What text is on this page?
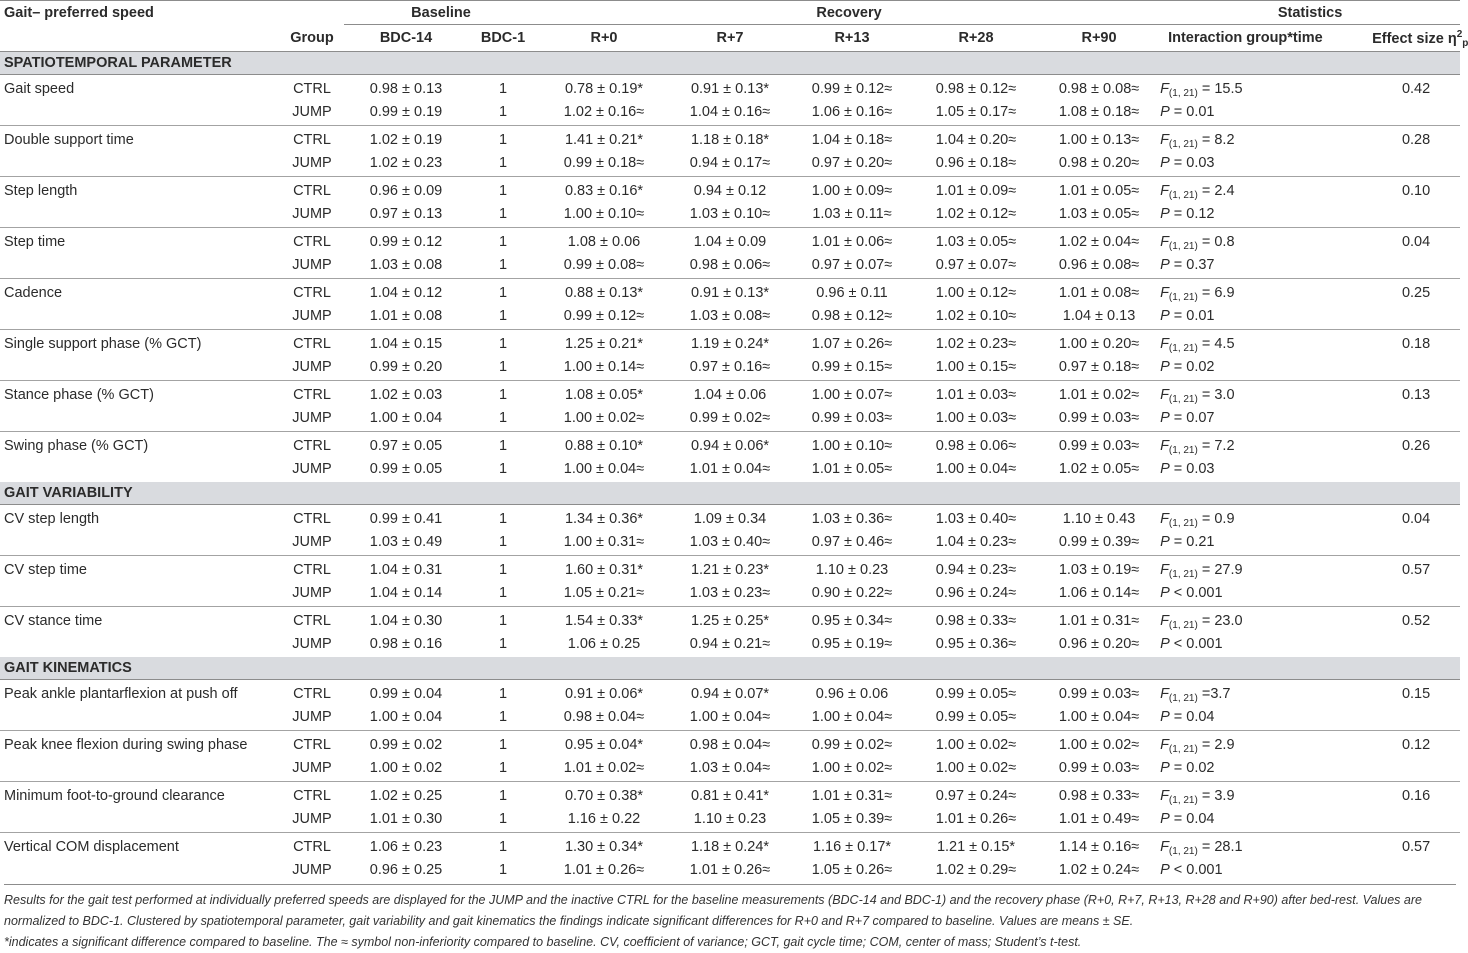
Gait– preferred speed		Baseline		Recovery					Statistics	
	Group	BDC-14	BDC-1	R+0	R+7	R+13	R+28	R+90	Interaction group*time	Effect size $\eta^2_p$
SPATIOTEMPORAL PARAMETER										
Gait speed	CTRL	0.98 ± 0.13	1	0.78 ± 0.19*	0.91 ± 0.13*	0.99 ± 0.12≈	0.98 ± 0.12≈	0.98 ± 0.08≈	$F_{(1, 21)} = 15.5$	0.42
	JUMP	0.99 ± 0.19	1	1.02 ± 0.16≈	1.04 ± 0.16≈	1.06 ± 0.16≈	1.05 ± 0.17≈	1.08 ± 0.18≈	P = 0.01	
Double support time	CTRL	1.02 ± 0.19	1	1.41 ± 0.21*	1.18 ± 0.18*	1.04 ± 0.18≈	1.04 ± 0.20≈	1.00 ± 0.13≈	$F_{(1, 21)} = 8.2$	0.28
	JUMP	1.02 ± 0.23	1	0.99 ± 0.18≈	0.94 ± 0.17≈	0.97 ± 0.20≈	0.96 ± 0.18≈	0.98 ± 0.20≈	P = 0.03	
Step length	CTRL	0.96 ± 0.09	1	0.83 ± 0.16*	0.94 ± 0.12	1.00 ± 0.09≈	1.01 ± 0.09≈	1.01 ± 0.05≈	$F_{(1, 21)} = 2.4$	0.10
	JUMP	0.97 ± 0.13	1	1.00 ± 0.10≈	1.03 ± 0.10≈	1.03 ± 0.11≈	1.02 ± 0.12≈	1.03 ± 0.05≈	P = 0.12	
Step time	CTRL	0.99 ± 0.12	1	1.08 ± 0.06	1.04 ± 0.09	1.01 ± 0.06≈	1.03 ± 0.05≈	1.02 ± 0.04≈	$F_{(1, 21)} = 0.8$	0.04
	JUMP	1.03 ± 0.08	1	0.99 ± 0.08≈	0.98 ± 0.06≈	0.97 ± 0.07≈	0.97 ± 0.07≈	0.96 ± 0.08≈	P = 0.37	
Cadence	CTRL	1.04 ± 0.12	1	0.88 ± 0.13*	0.91 ± 0.13*	0.96 ± 0.11	1.00 ± 0.12≈	1.01 ± 0.08≈	$F_{(1, 21)} = 6.9$	0.25
	JUMP	1.01 ± 0.08	1	0.99 ± 0.12≈	1.03 ± 0.08≈	0.98 ± 0.12≈	1.02 ± 0.10≈	1.04 ± 0.13	P = 0.01	
Single support phase (% GCT)	CTRL	1.04 ± 0.15	1	1.25 ± 0.21*	1.19 ± 0.24*	1.07 ± 0.26≈	1.02 ± 0.23≈	1.00 ± 0.20≈	$F_{(1, 21)} = 4.5$	0.18
	JUMP	0.99 ± 0.20	1	1.00 ± 0.14≈	0.97 ± 0.16≈	0.99 ± 0.15≈	1.00 ± 0.15≈	0.97 ± 0.18≈	P = 0.02	
Stance phase (% GCT)	CTRL	1.02 ± 0.03	1	1.08 ± 0.05*	1.04 ± 0.06	1.00 ± 0.07≈	1.01 ± 0.03≈	1.01 ± 0.02≈	$F_{(1, 21)} = 3.0$	0.13
	JUMP	1.00 ± 0.04	1	1.00 ± 0.02≈	0.99 ± 0.02≈	0.99 ± 0.03≈	1.00 ± 0.03≈	0.99 ± 0.03≈	P = 0.07	
Swing phase (% GCT)	CTRL	0.97 ± 0.05	1	0.88 ± 0.10*	0.94 ± 0.06*	1.00 ± 0.10≈	0.98 ± 0.06≈	0.99 ± 0.03≈	$F_{(1, 21)} = 7.2$	0.26
	JUMP	0.99 ± 0.05	1	1.00 ± 0.04≈	1.01 ± 0.04≈	1.01 ± 0.05≈	1.00 ± 0.04≈	1.02 ± 0.05≈	P = 0.03	
GAIT VARIABILITY										
CV step length	CTRL	0.99 ± 0.41	1	1.34 ± 0.36*	1.09 ± 0.34	1.03 ± 0.36≈	1.03 ± 0.40≈	1.10 ± 0.43	$F_{(1, 21)} = 0.9$	0.04
	JUMP	1.03 ± 0.49	1	1.00 ± 0.31≈	1.03 ± 0.40≈	0.97 ± 0.46≈	1.04 ± 0.23≈	0.99 ± 0.39≈	P = 0.21	
CV step time	CTRL	1.04 ± 0.31	1	1.60 ± 0.31*	1.21 ± 0.23*	1.10 ± 0.23	0.94 ± 0.23≈	1.03 ± 0.19≈	$F_{(1, 21)} = 27.9$	0.57
	JUMP	1.04 ± 0.14	1	1.05 ± 0.21≈	1.03 ± 0.23≈	0.90 ± 0.22≈	0.96 ± 0.24≈	1.06 ± 0.14≈	P < 0.001	
CV stance time	CTRL	1.04 ± 0.30	1	1.54 ± 0.33*	1.25 ± 0.25*	0.95 ± 0.34≈	0.98 ± 0.33≈	1.01 ± 0.31≈	$F_{(1, 21)} = 23.0$	0.52
	JUMP	0.98 ± 0.16	1	1.06 ± 0.25	0.94 ± 0.21≈	0.95 ± 0.19≈	0.95 ± 0.36≈	0.96 ± 0.20≈	P < 0.001	
GAIT KINEMATICS										
Peak ankle plantarflexion at push off	CTRL	0.99 ± 0.04	1	0.91 ± 0.06*	0.94 ± 0.07*	0.96 ± 0.06	0.99 ± 0.05≈	0.99 ± 0.03≈	$F_{(1, 21)} =3.7$	0.15
	JUMP	1.00 ± 0.04	1	0.98 ± 0.04≈	1.00 ± 0.04≈	1.00 ± 0.04≈	0.99 ± 0.05≈	1.00 ± 0.04≈	P = 0.04	
Peak knee flexion during swing phase	CTRL	0.99 ± 0.02	1	0.95 ± 0.04*	0.98 ± 0.04≈	0.99 ± 0.02≈	1.00 ± 0.02≈	1.00 ± 0.02≈	$F_{(1, 21)} = 2.9$	0.12
	JUMP	1.00 ± 0.02	1	1.01 ± 0.02≈	1.03 ± 0.04≈	1.00 ± 0.02≈	1.00 ± 0.02≈	0.99 ± 0.03≈	P = 0.02	
Minimum foot-to-ground clearance	CTRL	1.02 ± 0.25	1	0.70 ± 0.38*	0.81 ± 0.41*	1.01 ± 0.31≈	0.97 ± 0.24≈	0.98 ± 0.33≈	$F_{(1, 21)} = 3.9$	0.16
	JUMP	1.01 ± 0.30	1	1.16 ± 0.22	1.10 ± 0.23	1.05 ± 0.39≈	1.01 ± 0.26≈	1.01 ± 0.49≈	P = 0.04	
Vertical COM displacement	CTRL	1.06 ± 0.23	1	1.30 ± 0.34*	1.18 ± 0.24*	1.16 ± 0.17*	1.21 ± 0.15*	1.14 ± 0.16≈	$F_{(1, 21)} = 28.1$	0.57
	JUMP	0.96 ± 0.25	1	1.01 ± 0.26≈	1.01 ± 0.26≈	1.05 ± 0.26≈	1.02 ± 0.29≈	1.02 ± 0.24≈	P < 0.001	
Results for the gait test performed at individually preferred speeds are displayed for the JUMP and the inactive CTRL for the baseline measurements (BDC-14 and BDC-1) and the recovery phase (R+0, R+7, R+13, R+28 and R+90) after bed-rest. Values are normalized to BDC-1. Clustered by spatiotemporal parameter, gait variability and gait kinematics the findings indicate significant differences for R+0 and R+7 compared to baseline. Values are means ± SE.
*indicates a significant difference compared to baseline. The ≈ symbol non-inferiority compared to baseline. CV, coefficient of variance; GCT, gait cycle time; COM, center of mass; Student’s t-test.
